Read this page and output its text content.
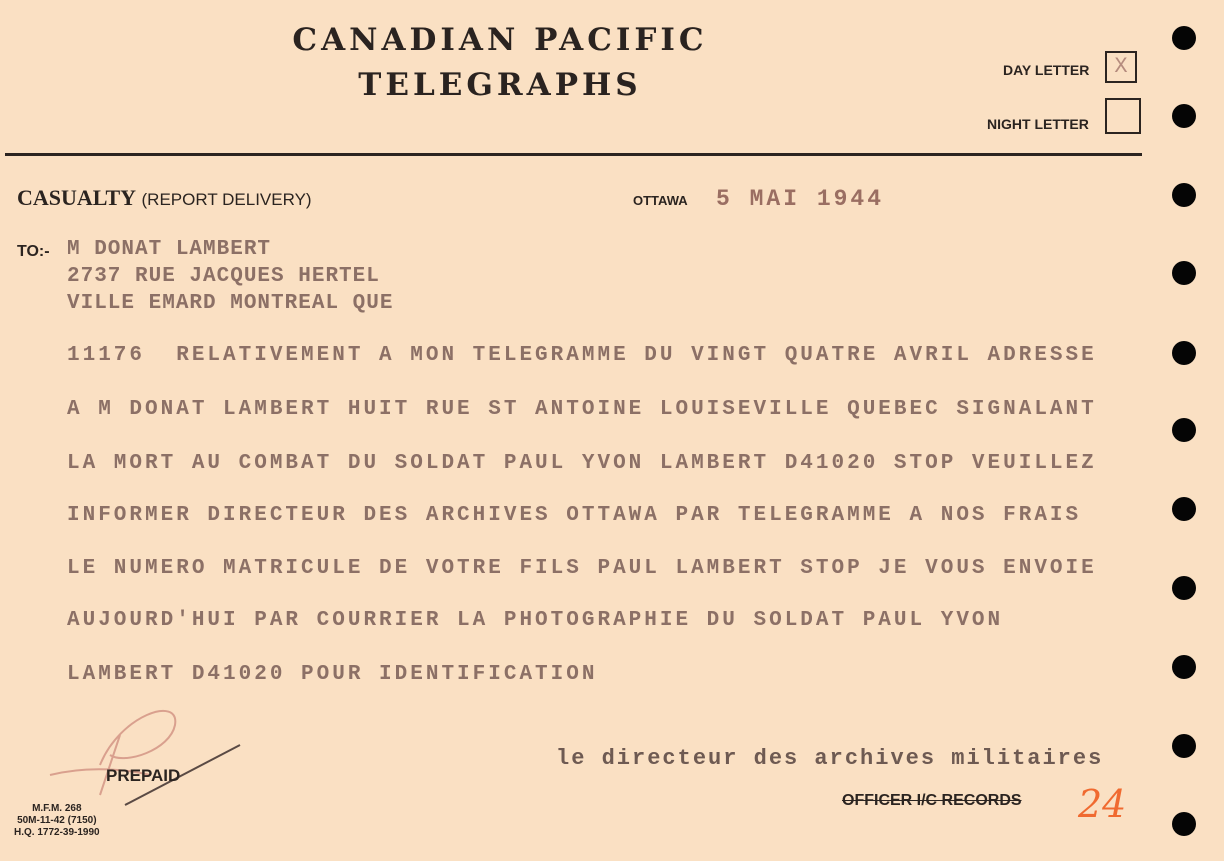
CANADIAN PACIFIC
TELEGRAPHS	DAY LETTER	X
NIGHT LETTER
CASUALTY (REPORT DELIVERY)	OTTAWA 5 MAI 1944
TO:- M DONAT LAMBERT
2737 RUE JACQUES HERTEL
VILLE EMARD MONTREAL QUE
11176  RELATIVEMENT A MON TELEGRAMME DU VINGT QUATRE AVRIL ADRESSE
A M DONAT LAMBERT HUIT RUE ST ANTOINE LOUISEVILLE QUEBEC SIGNALANT
LA MORT AU COMBAT DU SOLDAT PAUL YVON LAMBERT D41020 STOP VEUILLEZ
INFORMER DIRECTEUR DES ARCHIVES OTTAWA PAR TELEGRAMME A NOS FRAIS
LE NUMERO MATRICULE DE VOTRE FILS PAUL LAMBERT STOP JE VOUS ENVOIE
AUJOURD'HUI PAR COURRIER LA PHOTOGRAPHIE DU SOLDAT PAUL YVON
LAMBERT D41020 POUR IDENTIFICATION
le directeur des archives militaires
OFFICER I/C RECORDS 24
PREPAID
M.F.M. 268
50M-11-42 (7150)
H.Q. 1772-39-1990
